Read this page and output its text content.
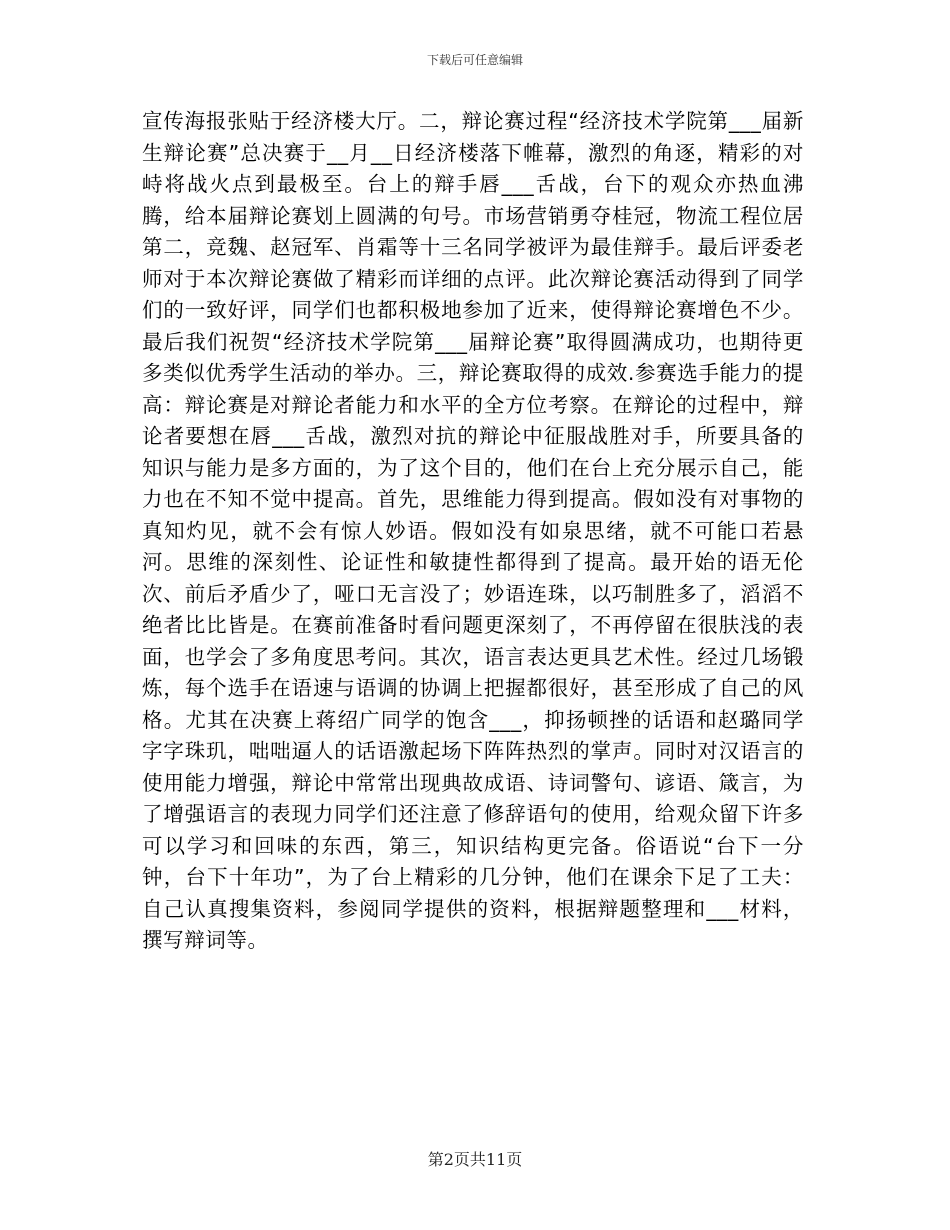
下载后可任意编辑

宣传海报张贴于经济楼大厅。二，辩论赛过程“经济技术学院第___届新生辩论赛”总决赛于__月__日经济楼落下帷幕，激烈的角逐，精彩的对峙将战火点到最极至。台上的辩手唇___舌战，台下的观众亦热血沸腾，给本届辩论赛划上圆满的句号。市场营销勇夺桂冠，物流工程位居第二，竞魏、赵冠军、肖霜等十三名同学被评为最佳辩手。最后评委老师对于本次辩论赛做了精彩而详细的点评。此次辩论赛活动得到了同学们的一致好评，同学们也都积极地参加了近来，使得辩论赛增色不少。最后我们祝贺“经济技术学院第___届辩论赛”取得圆满成功，也期待更多类似优秀学生活动的举办。三，辩论赛取得的成效.参赛选手能力的提高：辩论赛是对辩论者能力和水平的全方位考察。在辩论的过程中，辩论者要想在唇___舌战，激烈对抗的辩论中征服战胜对手，所要具备的知识与能力是多方面的，为了这个目的，他们在台上充分展示自己，能力也在不知不觉中提高。首先，思维能力得到提高。假如没有对事物的真知灼见，就不会有惊人妙语。假如没有如泉思绪，就不可能口若悬河。思维的深刻性、论证性和敏捷性都得到了提高。最开始的语无伦次、前后矛盾少了，哑口无言没了；妙语连珠，以巧制胜多了，滔滔不绝者比比皆是。在赛前准备时看问题更深刻了，不再停留在很肤浅的表面，也学会了多角度思考问。其次，语言表达更具艺术性。经过几场锻炼，每个选手在语速与语调的协调上把握都很好，甚至形成了自己的风格。尤其在决赛上蒋绍广同学的饱含___，抑扬顿挫的话语和赵璐同学字字珠玑，咄咄逼人的话语激起场下阵阵热烈的掌声。同时对汉语言的使用能力增强，辩论中常常出现典故成语、诗词警句、谚语、箴言，为了增强语言的表现力同学们还注意了修辞语句的使用，给观众留下许多可以学习和回味的东西，第三，知识结构更完备。俗语说“台下一分钟，台下十年功”，为了台上精彩的几分钟，他们在课余下足了工夫：自己认真搜集资料，参阅同学提供的资料，根据辩题整理和___材料，撰写辩词等。

第2页共11页
